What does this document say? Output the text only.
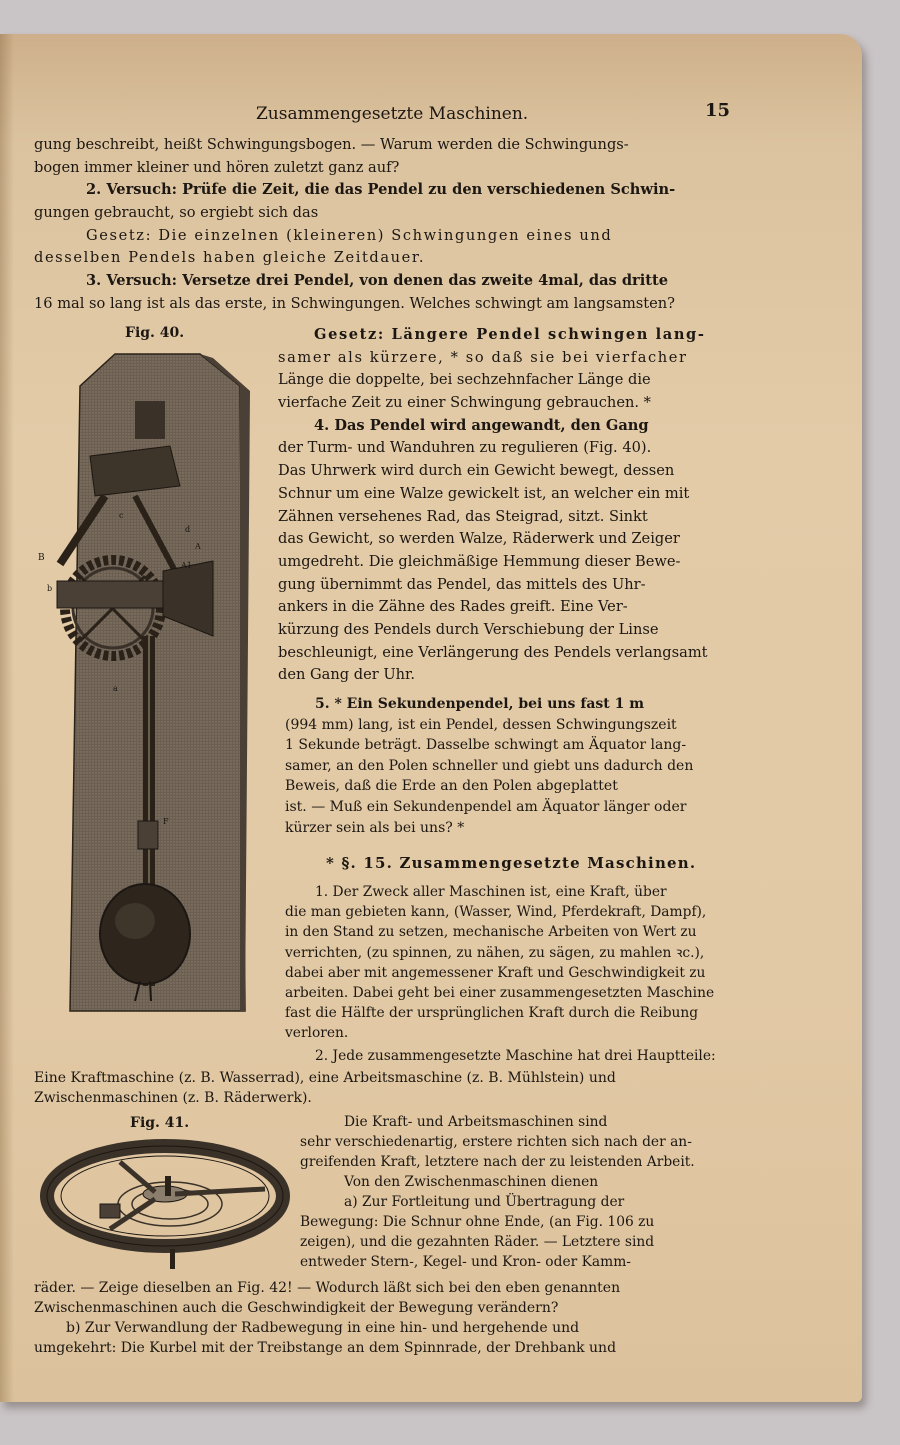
Zusammengesetzte Maschinen.	15
gung beschreibt, heißt Schwingungsbogen. — Warum werden die Schwingungs-
bogen immer kleiner und hören zuletzt ganz auf?
2. Versuch: Prüfe die Zeit, die das Pendel zu den verschiedenen Schwin-
gungen gebraucht, so ergiebt sich das
Gesetz: Die einzelnen (kleineren) Schwingungen eines und
desselben Pendels haben gleiche Zeitdauer.
3. Versuch: Versetze drei Pendel, von denen das zweite 4mal, das dritte
16 mal so lang ist als das erste, in Schwingungen. Welches schwingt am langsamsten?
Fig. 40.
B
b
c
d
A
A1
a
F
Gesetz: Längere Pendel schwingen lang-
samer als kürzere, * so daß sie bei vierfacher
Länge die doppelte, bei sechzehnfacher Länge die
vierfache Zeit zu einer Schwingung gebrauchen. *
4. Das Pendel wird angewandt, den Gang
der Turm- und Wanduhren zu regulieren (Fig. 40).
Das Uhrwerk wird durch ein Gewicht bewegt, dessen
Schnur um eine Walze gewickelt ist, an welcher ein mit
Zähnen versehenes Rad, das Steigrad, sitzt. Sinkt
das Gewicht, so werden Walze, Räderwerk und Zeiger
umgedreht. Die gleichmäßige Hemmung dieser Bewe-
gung übernimmt das Pendel, das mittels des Uhr-
ankers in die Zähne des Rades greift. Eine Ver-
kürzung des Pendels durch Verschiebung der Linse
beschleunigt, eine Verlängerung des Pendels verlangsamt
den Gang der Uhr.
5. * Ein Sekundenpendel, bei uns fast 1 m
(994 mm) lang, ist ein Pendel, dessen Schwingungszeit
1 Sekunde beträgt. Dasselbe schwingt am Äquator lang-
samer, an den Polen schneller und giebt uns dadurch den
Beweis, daß die Erde an den Polen abgeplattet
ist. — Muß ein Sekundenpendel am Äquator länger oder
kürzer sein als bei uns? *
* §. 15. Zusammengesetzte Maschinen.
1. Der Zweck aller Maschinen ist, eine Kraft, über
die man gebieten kann, (Wasser, Wind, Pferdekraft, Dampf),
in den Stand zu setzen, mechanische Arbeiten von Wert zu
verrichten, (zu spinnen, zu nähen, zu sägen, zu mahlen ꝛc.),
dabei aber mit angemessener Kraft und Geschwindigkeit zu
arbeiten. Dabei geht bei einer zusammengesetzten Maschine
fast die Hälfte der ursprünglichen Kraft durch die Reibung
verloren.
2. Jede zusammengesetzte Maschine hat drei Hauptteile:
Eine Kraftmaschine (z. B. Wasserrad), eine Arbeitsmaschine (z. B. Mühlstein) und
Zwischenmaschinen (z. B. Räderwerk).
Fig. 41.	Die Kraft- und Arbeitsmaschinen sind
sehr verschiedenartig, erstere richten sich nach der an-
greifenden Kraft, letztere nach der zu leistenden Arbeit.
Von den Zwischenmaschinen dienen
a) Zur Fortleitung und Übertragung der
Bewegung: Die Schnur ohne Ende, (an Fig. 106 zu
zeigen), und die gezahnten Räder. — Letztere sind
entweder Stern-, Kegel- und Kron- oder Kamm-
räder. — Zeige dieselben an Fig. 42! — Wodurch läßt sich bei den eben genannten
Zwischenmaschinen auch die Geschwindigkeit der Bewegung verändern?
b) Zur Verwandlung der Radbewegung in eine hin- und hergehende und
umgekehrt: Die Kurbel mit der Treibstange an dem Spinnrade, der Drehbank und
